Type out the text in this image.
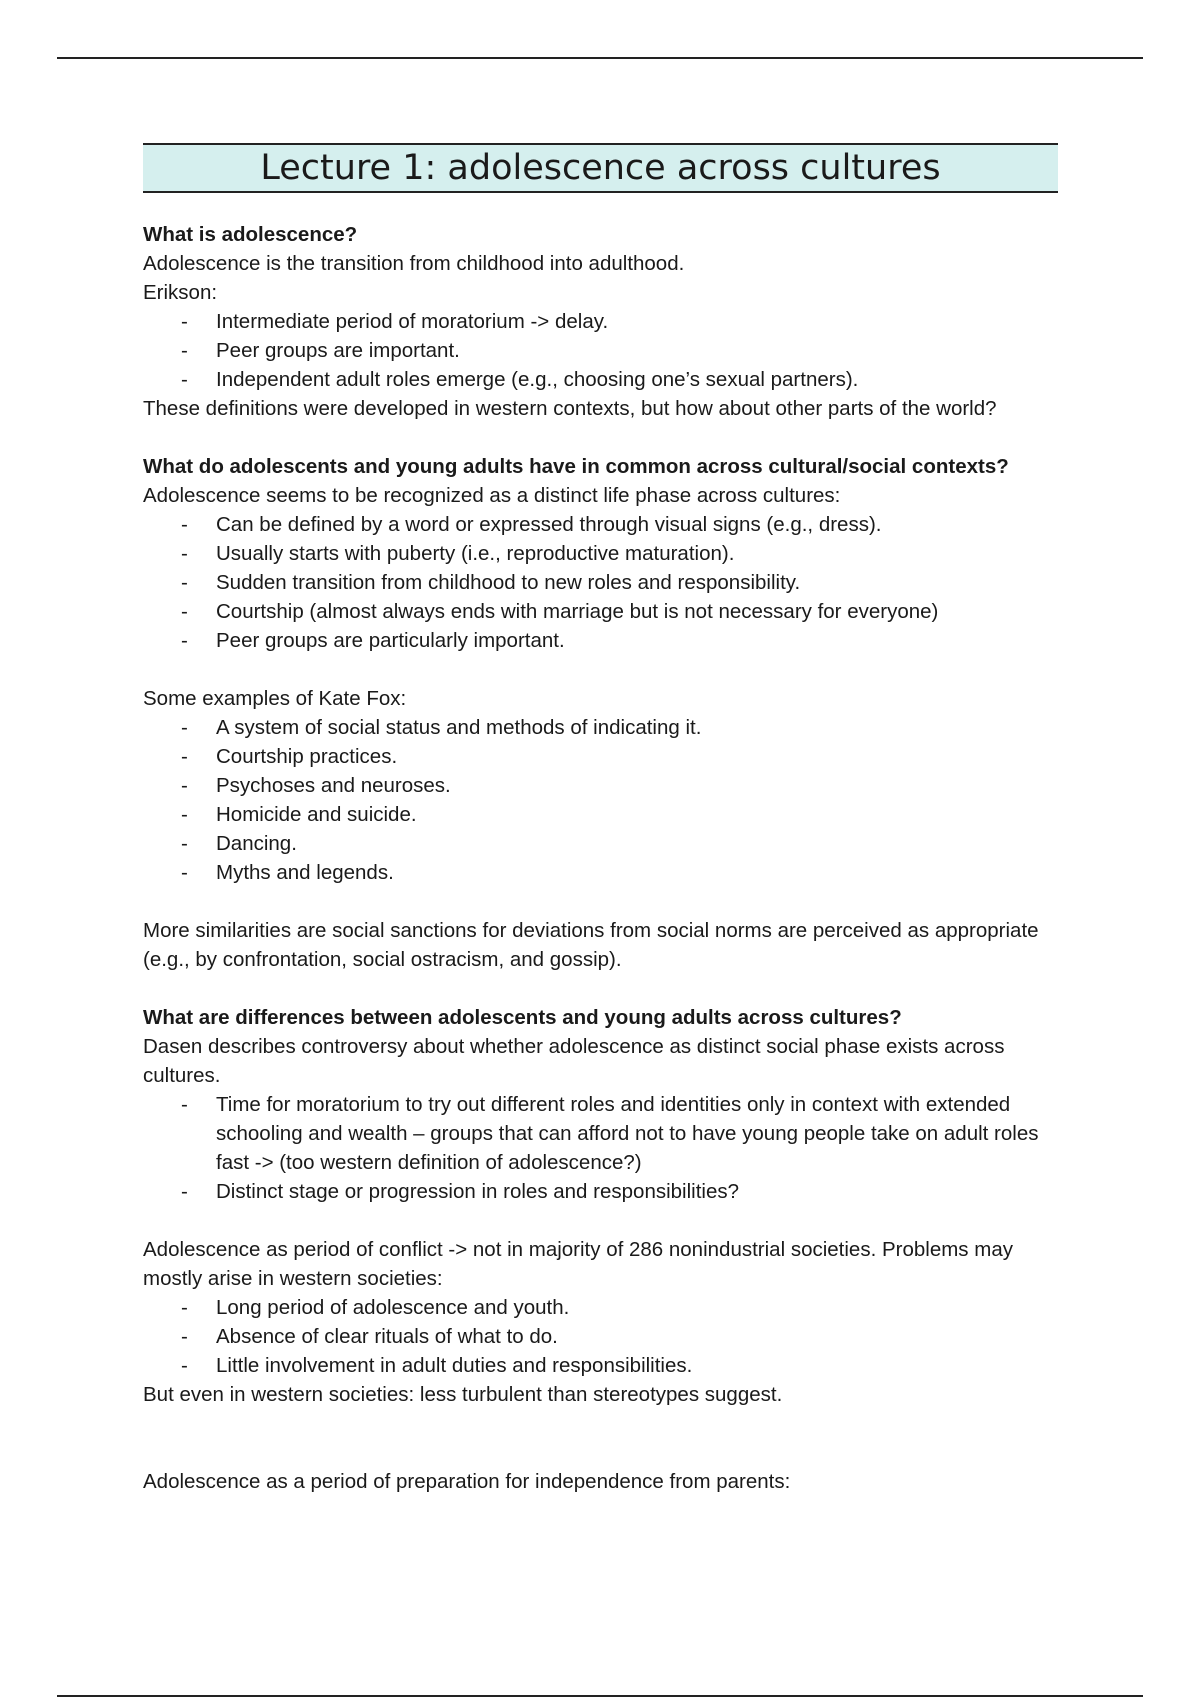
Lecture 1: adolescence across cultures

What is adolescence?

Adolescence is the transition from childhood into adulthood.

Erikson:

- Intermediate period of moratorium -> delay.
- Peer groups are important.
- Independent adult roles emerge (e.g., choosing one’s sexual partners).

These definitions were developed in western contexts, but how about other parts of the world?

What do adolescents and young adults have in common across cultural/social contexts?

Adolescence seems to be recognized as a distinct life phase across cultures:

- Can be defined by a word or expressed through visual signs (e.g., dress).
- Usually starts with puberty (i.e., reproductive maturation).
- Sudden transition from childhood to new roles and responsibility.
- Courtship (almost always ends with marriage but is not necessary for everyone)
- Peer groups are particularly important.

Some examples of Kate Fox:

- A system of social status and methods of indicating it.
- Courtship practices.
- Psychoses and neuroses.
- Homicide and suicide.
- Dancing.
- Myths and legends.

More similarities are social sanctions for deviations from social norms are perceived as appropriate (e.g., by confrontation, social ostracism, and gossip).

What are differences between adolescents and young adults across cultures?

Dasen describes controversy about whether adolescence as distinct social phase exists across cultures.

- Time for moratorium to try out different roles and identities only in context with extended schooling and wealth – groups that can afford not to have young people take on adult roles fast -> (too western definition of adolescence?)
- Distinct stage or progression in roles and responsibilities?

Adolescence as period of conflict -> not in majority of 286 nonindustrial societies. Problems may mostly arise in western societies:

- Long period of adolescence and youth.
- Absence of clear rituals of what to do.
- Little involvement in adult duties and responsibilities.

But even in western societies: less turbulent than stereotypes suggest.

Adolescence as a period of preparation for independence from parents:
